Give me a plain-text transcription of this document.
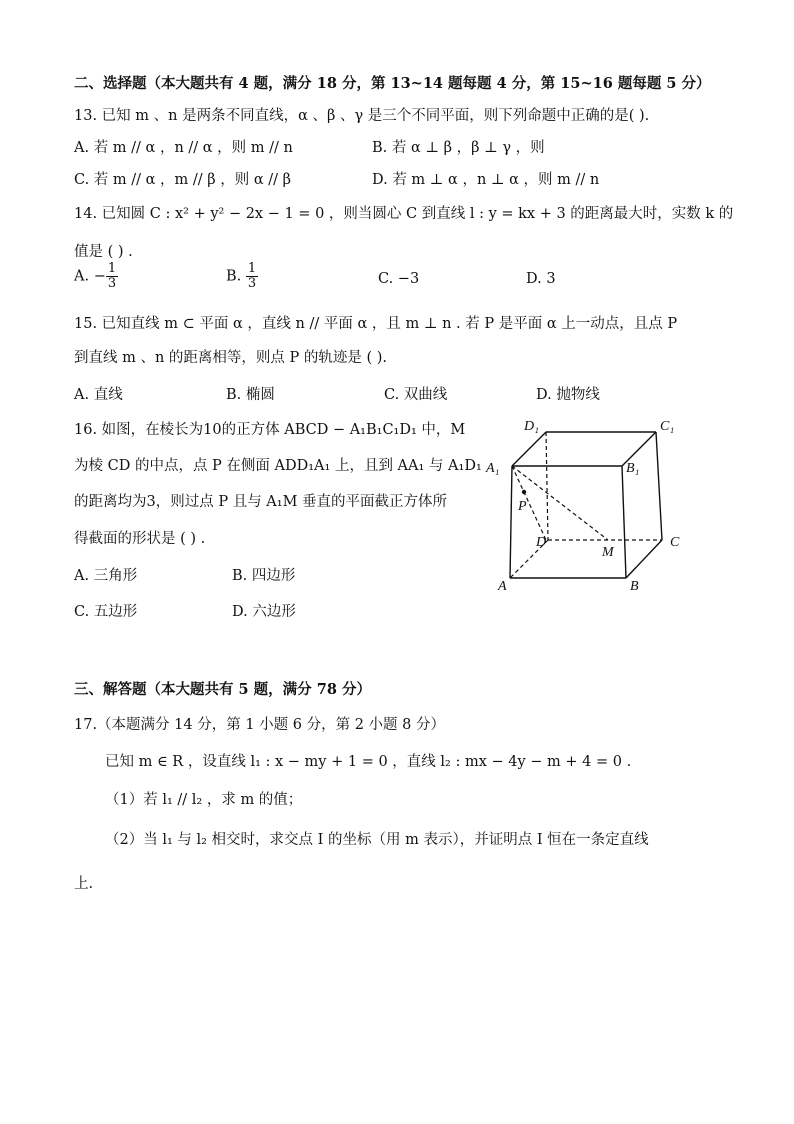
二、选择题（本大题共有 4 题，满分 18 分，第 13~14 题每题 4 分，第 15~16 题每题 5 分）
13. 已知 m 、n 是两条不同直线，α 、β 、γ 是三个不同平面，则下列命题中正确的是( ).
A. 若 m // α ，n // α ，则 m // n	B. 若 α ⊥ β ，β ⊥ γ ，则
C. 若 m // α ，m // β ，则 α // β	D. 若 m ⊥ α ，n ⊥ α ，则 m // n
14. 已知圆 C : x² + y² − 2x − 1 = 0 ，则当圆心 C 到直线 l : y = kx + 3 的距离最大时，实数 k 的
值是 ( ) .
A. − $\frac{1}{3}$	B. $\frac{1}{3}$	C. −3	D. 3
15. 已知直线 m ⊂ 平面 α ，直线 n // 平面 α ，且 m ⊥ n . 若 P 是平面 α 上一动点，且点 P
到直线 m 、n 的距离相等，则点 P 的轨迹是 ( ).
A. 直线	B. 椭圆	C. 双曲线	D. 抛物线
16. 如图，在棱长为10的正方体 ABCD − A₁B₁C₁D₁ 中，M
为棱 CD 的中点，点 P 在侧面 ADD₁A₁ 上，且到 AA₁ 与 A₁D₁
的距离均为3，则过点 P 且与 A₁M 垂直的平面截正方体所
得截面的形状是 ( ) .
A. 三角形	B. 四边形
C. 五边形	D. 六边形
D₁	C₁
A₁	B₁
P
D
M
C
A	B
三、解答题（本大题共有 5 题，满分 78 分）
17.（本题满分 14 分，第 1 小题 6 分，第 2 小题 8 分）
已知 m ∈ R ，设直线 l₁ : x − my + 1 = 0 ，直线 l₂ : mx − 4y − m + 4 = 0 .
（1）若 l₁ // l₂ ，求 m 的值；
（2）当 l₁ 与 l₂ 相交时，求交点 I 的坐标（用 m 表示），并证明点 I 恒在一条定直线
上.
